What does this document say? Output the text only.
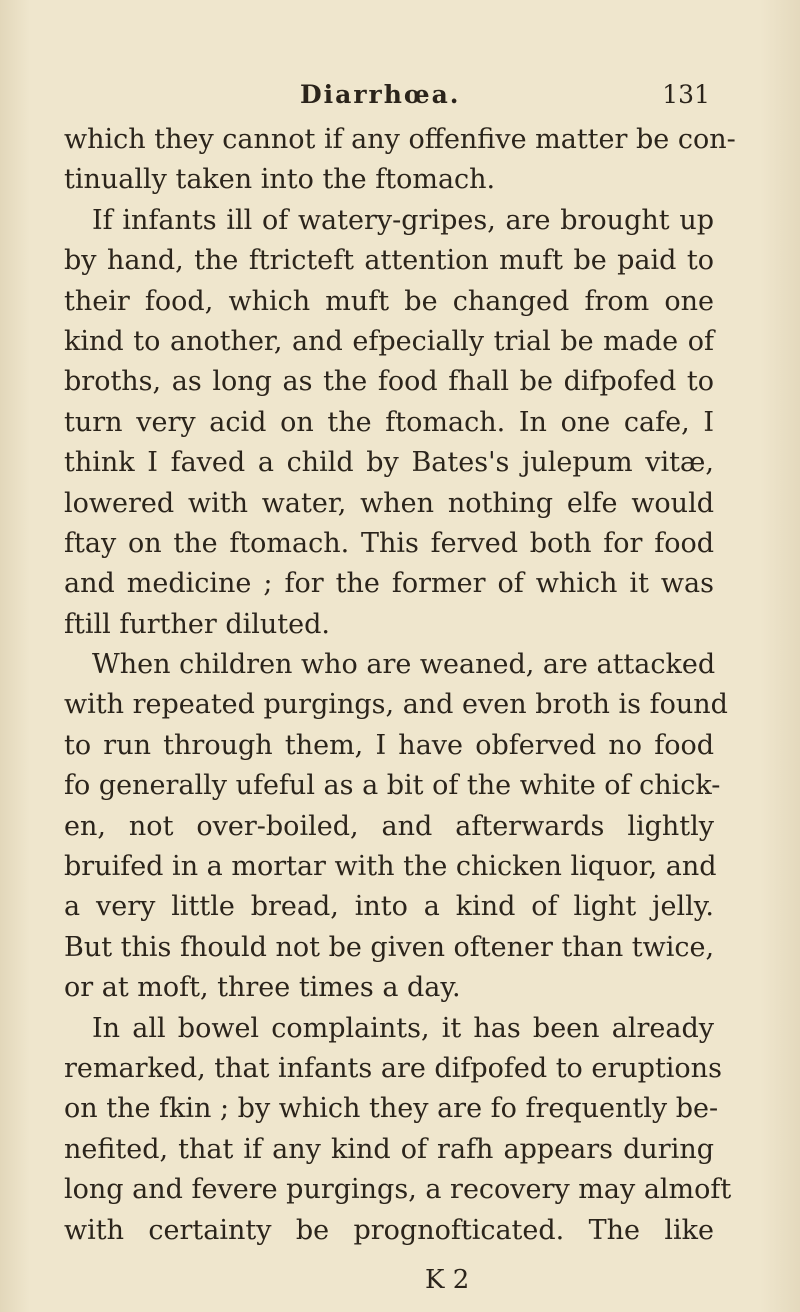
Diarrhœa.	131
which they cannot if any offenfive matter be con-
tinually taken into the ftomach.
If infants ill of watery-gripes, are brought up
by hand, the ftricteft attention muft be paid to
their food, which muft be changed from one
kind to another, and efpecially trial be made of
broths, as long as the food fhall be difpofed to
turn very acid on the ftomach. In one cafe, I
think I faved a child by Bates's julepum vitæ,
lowered with water, when nothing elfe would
ftay on the ftomach. This ferved both for food
and medicine ; for the former of which it was
ftill further diluted.
When children who are weaned, are attacked
with repeated purgings, and even broth is found
to run through them, I have obferved no food
fo generally ufeful as a bit of the white of chick-
en, not over-boiled, and afterwards lightly
bruifed in a mortar with the chicken liquor, and
a very little bread, into a kind of light jelly.
But this fhould not be given oftener than twice,
or at moft, three times a day.
In all bowel complaints, it has been already
remarked, that infants are difpofed to eruptions
on the fkin ; by which they are fo frequently be-
nefited, that if any kind of rafh appears during
long and fevere purgings, a recovery may almoft
with certainty be prognofticated. The like
K 2
